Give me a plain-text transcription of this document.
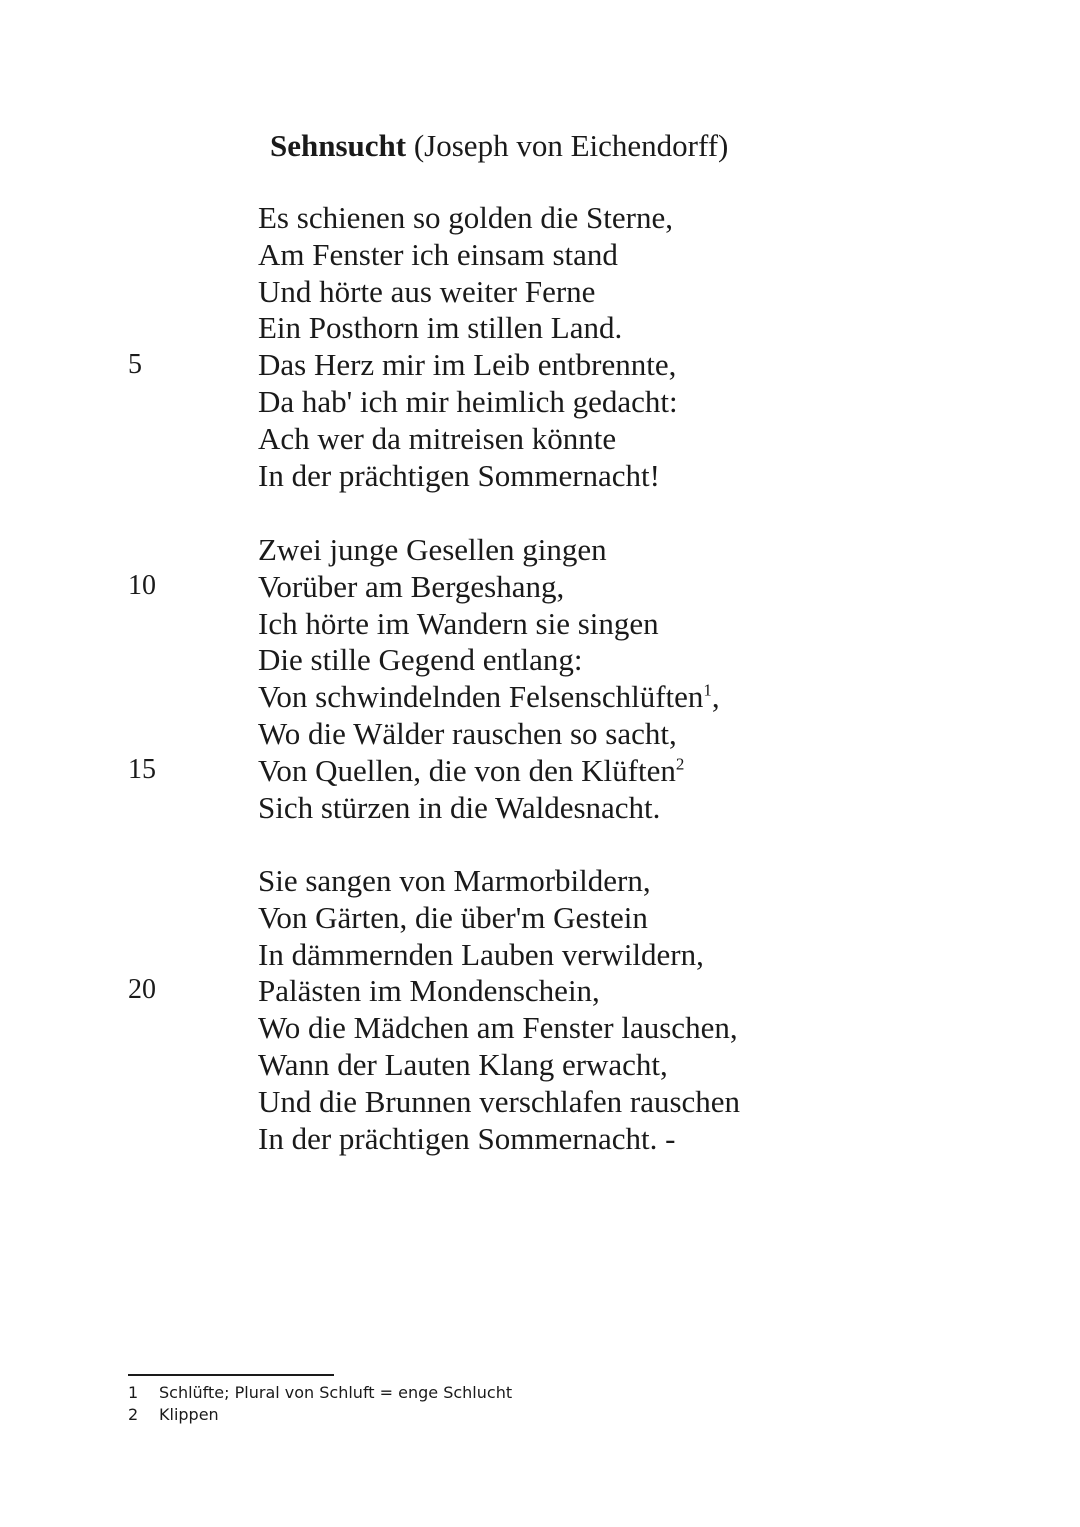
Sehnsucht (Joseph von Eichendorff)
Es schienen so golden die Sterne,
Am Fenster ich einsam stand
Und hörte aus weiter Ferne
Ein Posthorn im stillen Land.
Das Herz mir im Leib entbrennte,
Da hab' ich mir heimlich gedacht:
Ach wer da mitreisen könnte
In der prächtigen Sommernacht!
Zwei junge Gesellen gingen
Vorüber am Bergeshang,
Ich hörte im Wandern sie singen
Die stille Gegend entlang:
Von schwindelnden Felsenschlüften$^1$,
Wo die Wälder rauschen so sacht,
Von Quellen, die von den Klüften$^2$
Sich stürzen in die Waldesnacht.
Sie sangen von Marmorbildern,
Von Gärten, die über'm Gestein
In dämmernden Lauben verwildern,
Palästen im Mondenschein,
Wo die Mädchen am Fenster lauschen,
Wann der Lauten Klang erwacht,
Und die Brunnen verschlafen rauschen
In der prächtigen Sommernacht. -
5
10
15
20
1 Schlüfte; Plural von Schluft = enge Schlucht
2 Klippen
